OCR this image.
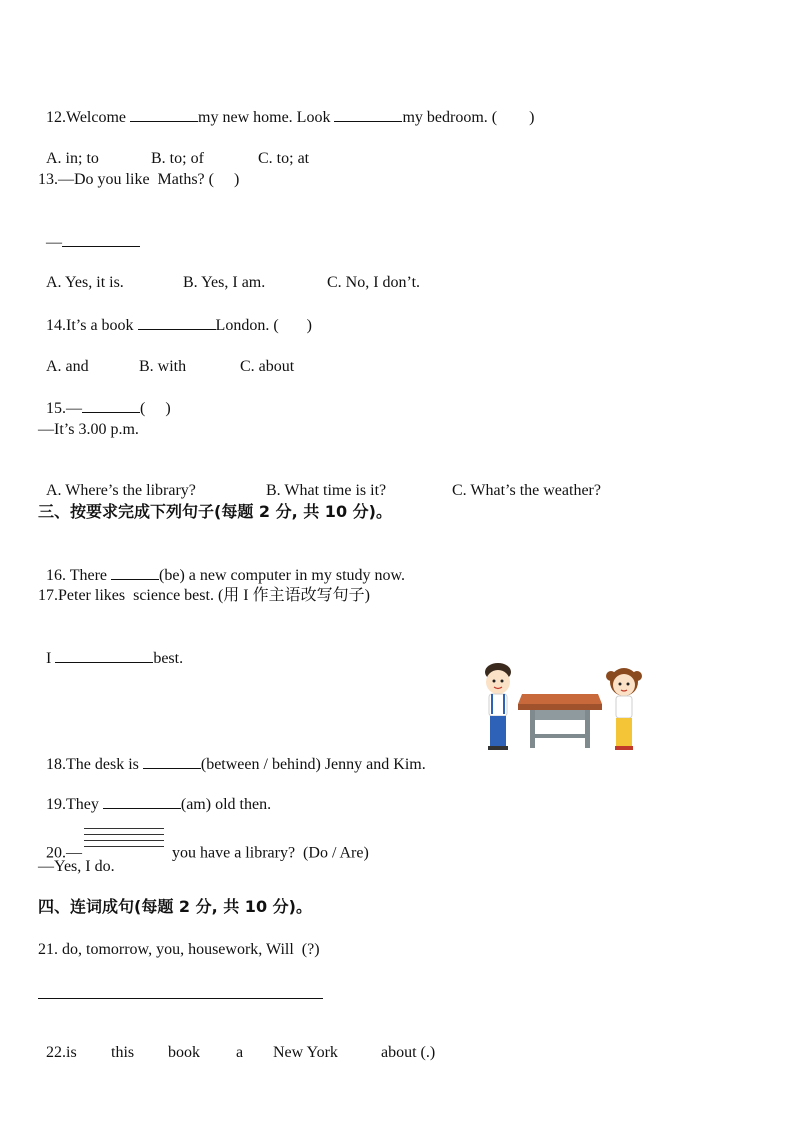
12.Welcome	my new home. Look	my bedroom. (        )

A. in; to	B. to; of	C. to; at

13.—Do you like  Maths? (     )

—

A. Yes, it is.	B. Yes, I am.	C. No, I don’t.

14.It’s a book	London. (       )

A. and	B. with	C. about

15.—	(     )

—It’s 3.00 p.m.

A. Where’s the library?	B. What time is it?	C. What’s the weather?

三、按要求完成下列句子(每题 2 分, 共 10 分)。

16. There	(be) a new computer in my study now.

17.Peter likes  science best. (用 I 作主语改写句子)

I	best.

18.The desk is	(between / behind) Jenny and Kim.

19.They	(am) old then.

20.—	you have a library?  (Do / Are)

—Yes, I do.
四、连词成句(每题 2 分, 共 10 分)。
21. do, tomorrow, you, housework, Will  (?)

22.is this book a New York	about (.)
